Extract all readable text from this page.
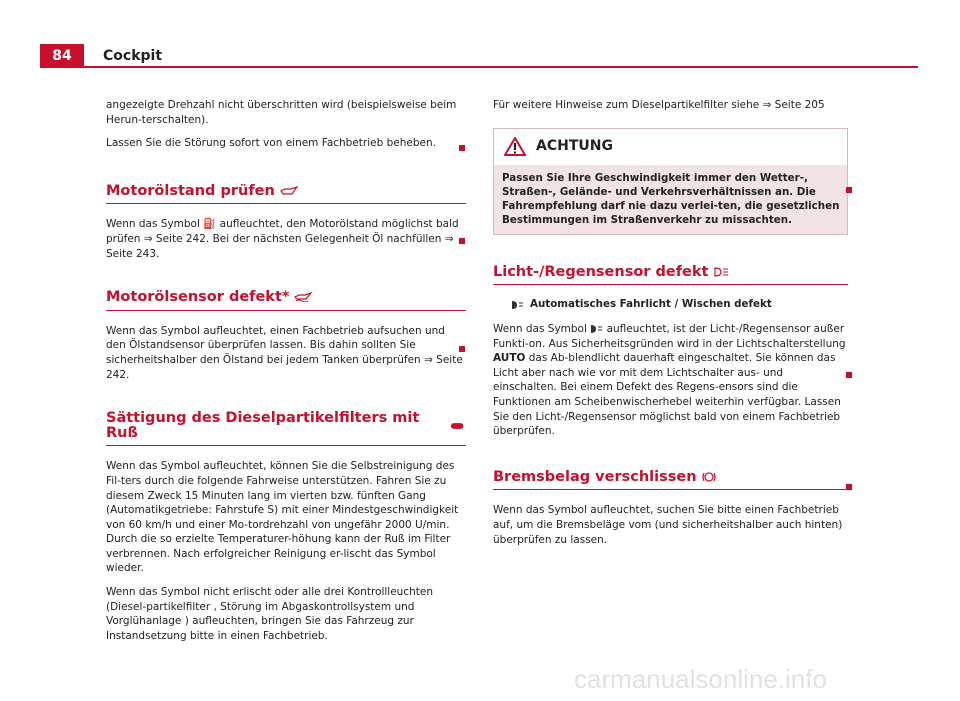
84	Cockpit

angezeigte Drehzahl nicht überschritten wird (beispielsweise beim Herun-terschalten).

Lassen Sie die Störung sofort von einem Fachbetrieb beheben.

Motorölstand prüfen

Wenn das Symbol ⛽ aufleuchtet, den Motorölstand möglichst bald prüfen ⇒ Seite 242. Bei der nächsten Gelegenheit Öl nachfüllen ⇒ Seite 243.

Motorölsensor defekt*

Wenn das Symbol aufleuchtet, einen Fachbetrieb aufsuchen und den Ölstandsensor überprüfen lassen. Bis dahin sollten Sie sicherheitshalber den Ölstand bei jedem Tanken überprüfen ⇒ Seite 242.

Sättigung des Dieselpartikelfilters mit Ruß

Wenn das Symbol aufleuchtet, können Sie die Selbstreinigung des Fil-ters durch die folgende Fahrweise unterstützen. Fahren Sie zu diesem Zweck 15 Minuten lang im vierten bzw. fünften Gang (Automatikgetriebe: Fahrstufe S) mit einer Mindestgeschwindigkeit von 60 km/h und einer Mo-tordrehzahl von ungefähr 2000 U/min. Durch die so erzielte Temperaturer-höhung kann der Ruß im Filter verbrennen. Nach erfolgreicher Reinigung er-lischt das Symbol wieder.

Wenn das Symbol nicht erlischt oder alle drei Kontrollleuchten (Diesel-partikelfilter , Störung im Abgaskontrollsystem und Vorglühanlage ) aufleuchten, bringen Sie das Fahrzeug zur Instandsetzung bitte in einen Fachbetrieb.

Für weitere Hinweise zum Dieselpartikelfilter siehe ⇒ Seite 205

ACHTUNG
Passen Sie Ihre Geschwindigkeit immer den Wetter-, Straßen-, Gelände- und Verkehrsverhältnissen an. Die Fahrempfehlung darf nie dazu verlei-ten, die gesetzlichen Bestimmungen im Straßenverkehr zu missachten.
Licht-/Regensensor defekt
Automatisches Fahrlicht / Wischen defekt

Wenn das Symbol aufleuchtet, ist der Licht-/Regensensor außer Funkti-on. Aus Sicherheitsgründen wird in der Lichtschalterstellung AUTO das Ab-blendlicht dauerhaft eingeschaltet. Sie können das Licht aber nach wie vor mit dem Lichtschalter aus- und einschalten. Bei einem Defekt des Regens-ensors sind die Funktionen am Scheibenwischerhebel weiterhin verfügbar. Lassen Sie den Licht-/Regensensor möglichst bald von einem Fachbetrieb überprüfen.

Bremsbelag verschlissen

Wenn das Symbol aufleuchtet, suchen Sie bitte einen Fachbetrieb auf, um die Bremsbeläge vom (und sicherheitshalber auch hinten) überprüfen zu lassen.

carmanualsonline.info
